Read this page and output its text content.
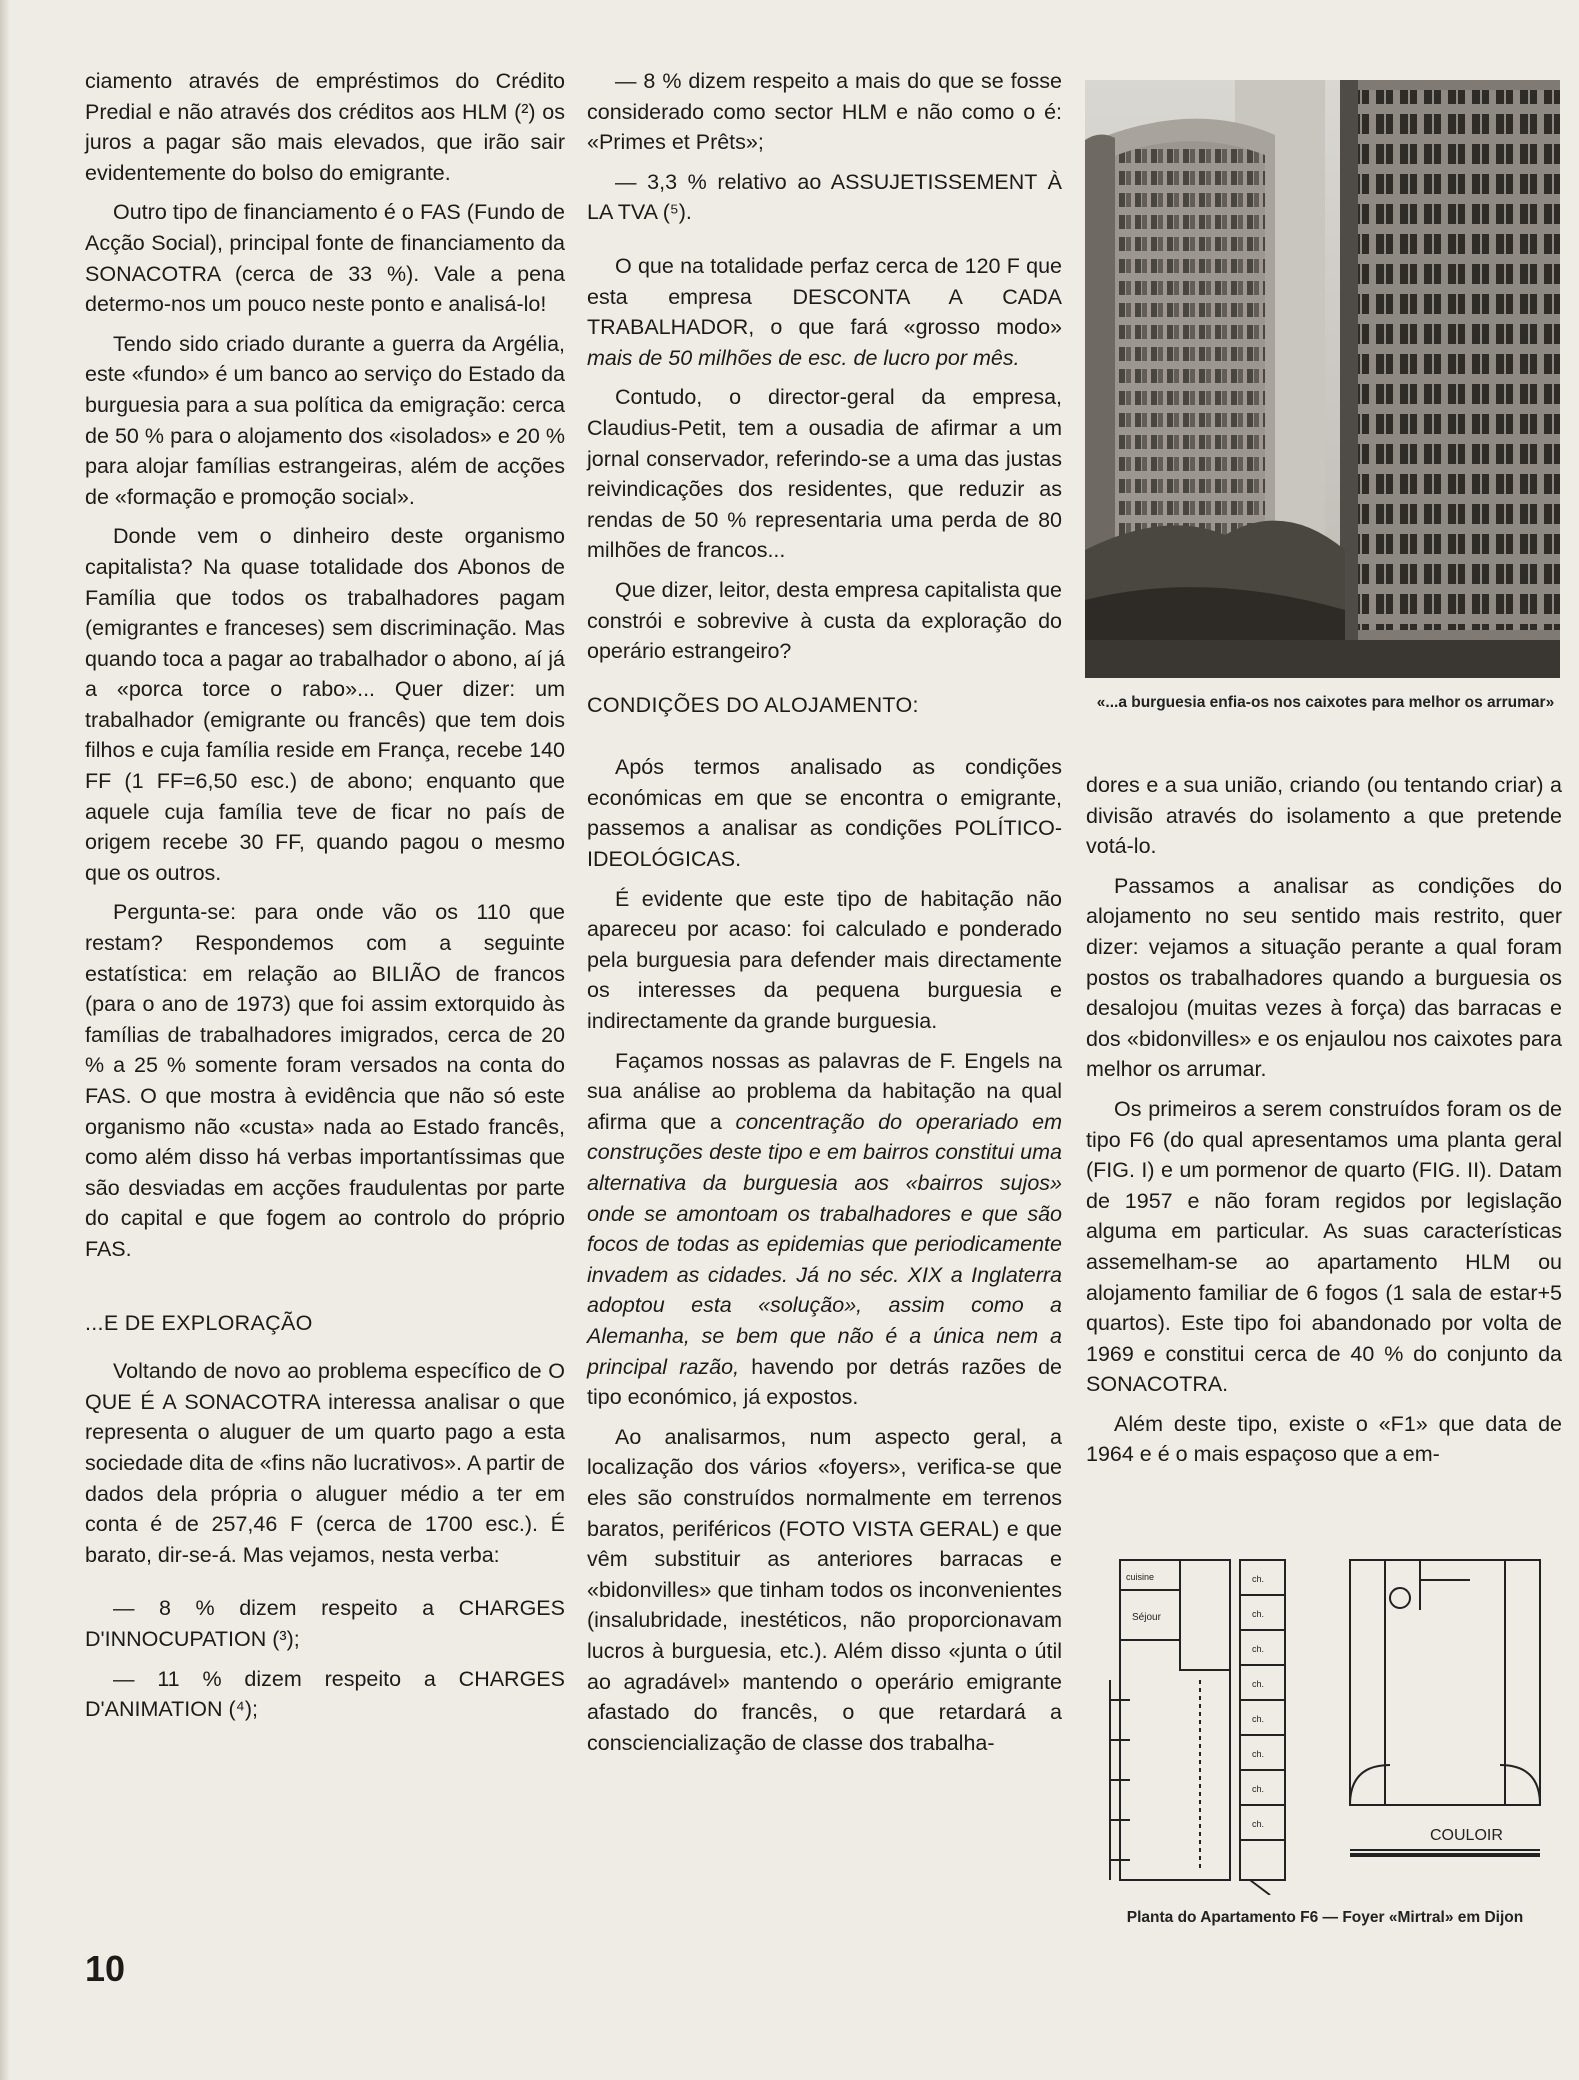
ciamento através de empréstimos do Crédito Predial e não através dos créditos aos HLM (²) os juros a pagar são mais elevados, que irão sair evidentemente do bolso do emigrante.

Outro tipo de financiamento é o FAS (Fundo de Acção Social), principal fonte de financiamento da SONACOTRA (cerca de 33 %). Vale a pena determo-nos um pouco neste ponto e analisá-lo!

Tendo sido criado durante a guerra da Argélia, este «fundo» é um banco ao serviço do Estado da burguesia para a sua política da emigração: cerca de 50 % para o alojamento dos «isolados» e 20 % para alojar famílias estrangeiras, além de acções de «formação e promoção social».

Donde vem o dinheiro deste organismo capitalista? Na quase totalidade dos Abonos de Família que todos os trabalhadores pagam (emigrantes e franceses) sem discriminação. Mas quando toca a pagar ao trabalhador o abono, aí já a «porca torce o rabo»... Quer dizer: um trabalhador (emigrante ou francês) que tem dois filhos e cuja família reside em França, recebe 140 FF (1 FF=6,50 esc.) de abono; enquanto que aquele cuja família teve de ficar no país de origem recebe 30 FF, quando pagou o mesmo que os outros.

Pergunta-se: para onde vão os 110 que restam? Respondemos com a seguinte estatística: em relação ao BILIÃO de francos (para o ano de 1973) que foi assim extorquido às famílias de trabalhadores imigrados, cerca de 20 % a 25 % somente foram versados na conta do FAS. O que mostra à evidência que não só este organismo não «custa» nada ao Estado francês, como além disso há verbas importantíssimas que são desviadas em acções fraudulentas por parte do capital e que fogem ao controlo do próprio FAS.

...E DE EXPLORAÇÃO

Voltando de novo ao problema específico de O QUE É A SONACOTRA interessa analisar o que representa o aluguer de um quarto pago a esta sociedade dita de «fins não lucrativos». A partir de dados dela própria o aluguer médio a ter em conta é de 257,46 F (cerca de 1700 esc.). É barato, dir-se-á. Mas vejamos, nesta verba:

— 8 % dizem respeito a CHARGES D'INNOCUPATION (³);

— 11 % dizem respeito a CHARGES D'ANIMATION (⁴);

— 8 % dizem respeito a mais do que se fosse considerado como sector HLM e não como o é: «Primes et Prêts»;

— 3,3 % relativo ao ASSUJETISSEMENT À LA TVA (⁵).

O que na totalidade perfaz cerca de 120 F que esta empresa DESCONTA A CADA TRABALHADOR, o que fará «grosso modo» mais de 50 milhões de esc. de lucro por mês.

Contudo, o director-geral da empresa, Claudius-Petit, tem a ousadia de afirmar a um jornal conservador, referindo-se a uma das justas reivindicações dos residentes, que reduzir as rendas de 50 % representaria uma perda de 80 milhões de francos...

Que dizer, leitor, desta empresa capitalista que constrói e sobrevive à custa da exploração do operário estrangeiro?

CONDIÇÕES DO ALOJAMENTO:

Após termos analisado as condições económicas em que se encontra o emigrante, passemos a analisar as condições POLÍTICO-IDEOLÓGICAS.

É evidente que este tipo de habitação não apareceu por acaso: foi calculado e ponderado pela burguesia para defender mais directamente os interesses da pequena burguesia e indirectamente da grande burguesia.

Façamos nossas as palavras de F. Engels na sua análise ao problema da habitação na qual afirma que a concentração do operariado em construções deste tipo e em bairros constitui uma alternativa da burguesia aos «bairros sujos» onde se amontoam os trabalhadores e que são focos de todas as epidemias que periodicamente invadem as cidades. Já no séc. XIX a Inglaterra adoptou esta «solução», assim como a Alemanha, se bem que não é a única nem a principal razão, havendo por detrás razões de tipo económico, já expostos.

Ao analisarmos, num aspecto geral, a localização dos vários «foyers», verifica-se que eles são construídos normalmente em terrenos baratos, periféricos (FOTO VISTA GERAL) e que vêm substituir as anteriores barracas e «bidonvilles» que tinham todos os inconvenientes (insalubridade, inestéticos, não proporcionavam lucros à burguesia, etc.). Além disso «junta o útil ao agradável» mantendo o operário emigrante afastado do francês, o que retardará a consciencialização de classe dos trabalha-

«...a burguesia enfia-os nos caixotes para melhor os arrumar»

dores e a sua união, criando (ou tentando criar) a divisão através do isolamento a que pretende votá-lo.

Passamos a analisar as condições do alojamento no seu sentido mais restrito, quer dizer: vejamos a situação perante a qual foram postos os trabalhadores quando a burguesia os desalojou (muitas vezes à força) das barracas e dos «bidonvilles» e os enjaulou nos caixotes para melhor os arrumar.

Os primeiros a serem construídos foram os de tipo F6 (do qual apresentamos uma planta geral (FIG. I) e um pormenor de quarto (FIG. II). Datam de 1957 e não foram regidos por legislação alguma em particular. As suas características assemelham-se ao apartamento HLM ou alojamento familiar de 6 fogos (1 sala de estar+5 quartos). Este tipo foi abandonado por volta de 1969 e constitui cerca de 40 % do conjunto da SONACOTRA.

Além deste tipo, existe o «F1» que data de 1964 e é o mais espaçoso que a em-

cuisine
Séjour
ch.
ch.
ch.
ch.
ch.
ch.
ch.
ch.
COULOIR
Planta do Apartamento F6 — Foyer «Mirtral» em Dijon
10
